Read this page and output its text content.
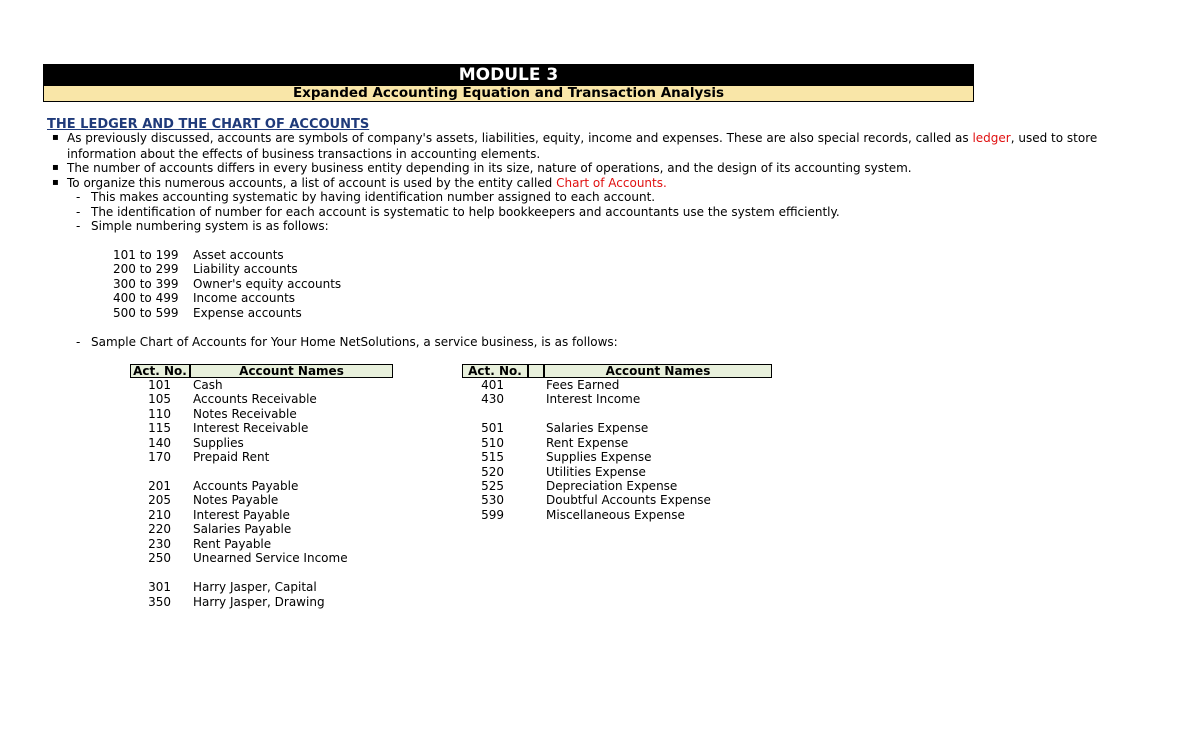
MODULE 3
Expanded Accounting Equation and Transaction Analysis
THE LEDGER AND THE CHART OF ACCOUNTS
▪ As previously discussed, accounts are symbols of company's assets, liabilities, equity, income and expenses. These are also special records, called as ledger, used to store
information about the effects of business transactions in accounting elements.
▪ The number of accounts differs in every business entity depending in its size, nature of operations, and the design of its accounting system.
▪ To organize this numerous accounts, a list of account is used by the entity called Chart of Accounts.
- This makes accounting systematic by having identification number assigned to each account.
- The identification of number for each account is systematic to help bookkeepers and accountants use the system efficiently.
- Simple numbering system is as follows:
101 to 199 Asset accounts
200 to 299 Liability accounts
300 to 399 Owner's equity accounts
400 to 499 Income accounts
500 to 599 Expense accounts
- Sample Chart of Accounts for Your Home NetSolutions, a service business, is as follows:
Act. No.	Account Names	Act. No.	Account Names
101 Cash
105 Accounts Receivable
110 Notes Receivable
115 Interest Receivable
140 Supplies
170 Prepaid Rent
201 Accounts Payable
205 Notes Payable
210 Interest Payable
220 Salaries Payable
230 Rent Payable
250 Unearned Service Income
301 Harry Jasper, Capital
350 Harry Jasper, Drawing
401	Fees Earned
430	Interest Income
501	Salaries Expense
510	Rent Expense
515	Supplies Expense
520	Utilities Expense
525	Depreciation Expense
530	Doubtful Accounts Expense
599	Miscellaneous Expense
